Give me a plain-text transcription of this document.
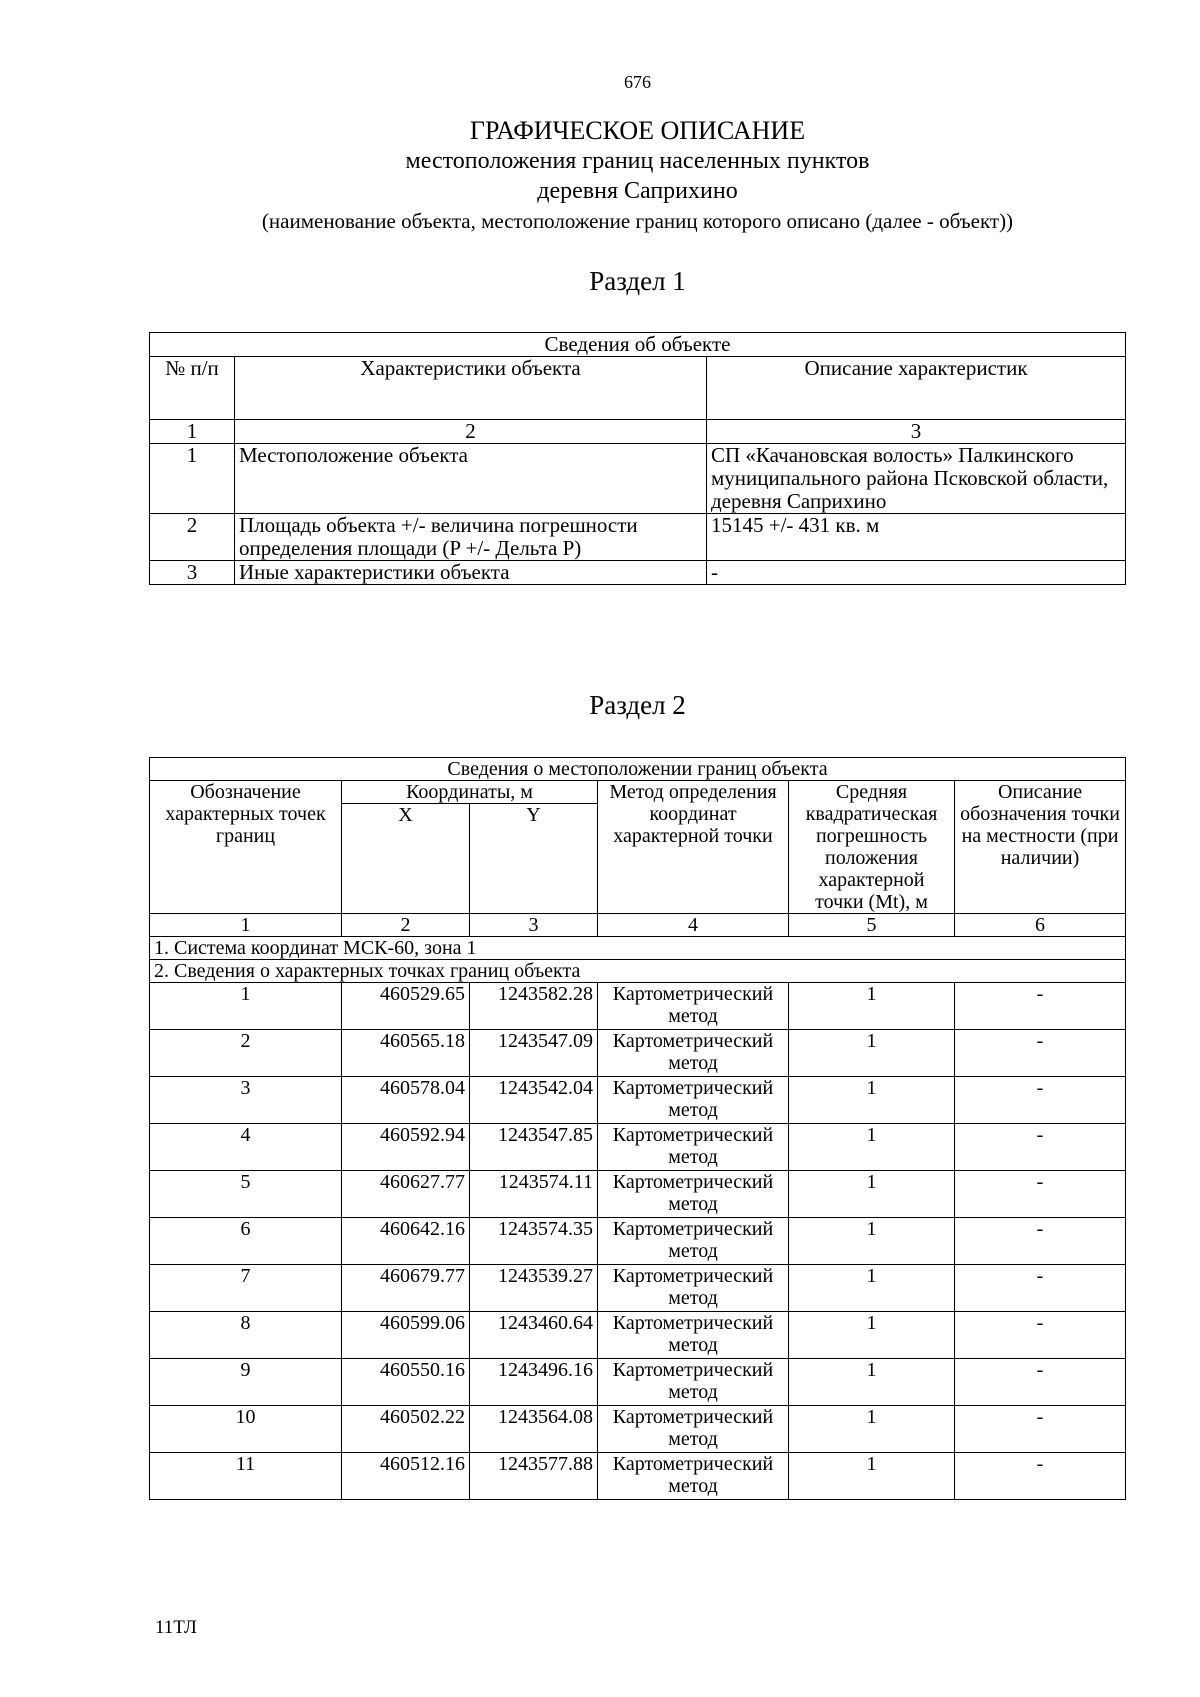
676
ГРАФИЧЕСКОЕ ОПИСАНИЕ
местоположения границ населенных пунктов
деревня Саприхино
(наименование объекта, местоположение границ которого описано (далее - объект))
Раздел 1
Сведения об объекте		
№ п/п	Характеристики объекта	Описание характеристик
1	2	3
1	Местоположение объекта	СП «Качановская волость» Палкинского муниципального района Псковской области, деревня Саприхино
2	Площадь объекта +/- величина погрешности определения площади (P +/- Дельта P)	15145 +/- 431 кв. м
3	Иные характеристики объекта	-
Раздел 2
Сведения о местоположении границ объекта					
Обозначение характерных точек границ	Координаты, м		Метод определения координат характерной точки	Средняя квадратическая погрешность положения характерной точки (Mt), м	Описание обозначения точки на местности (при наличии)
	X	Y			
1	2	3	4	5	6
1. Система координат МСК-60, зона 1					
2. Сведения о характерных точках границ объекта					
1	460529.65	1243582.28	Картометрический метод	1	-
2	460565.18	1243547.09	Картометрический метод	1	-
3	460578.04	1243542.04	Картометрический метод	1	-
4	460592.94	1243547.85	Картометрический метод	1	-
5	460627.77	1243574.11	Картометрический метод	1	-
6	460642.16	1243574.35	Картометрический метод	1	-
7	460679.77	1243539.27	Картометрический метод	1	-
8	460599.06	1243460.64	Картометрический метод	1	-
9	460550.16	1243496.16	Картометрический метод	1	-
10	460502.22	1243564.08	Картометрический метод	1	-
11	460512.16	1243577.88	Картометрический метод	1	-
11ТЛ
